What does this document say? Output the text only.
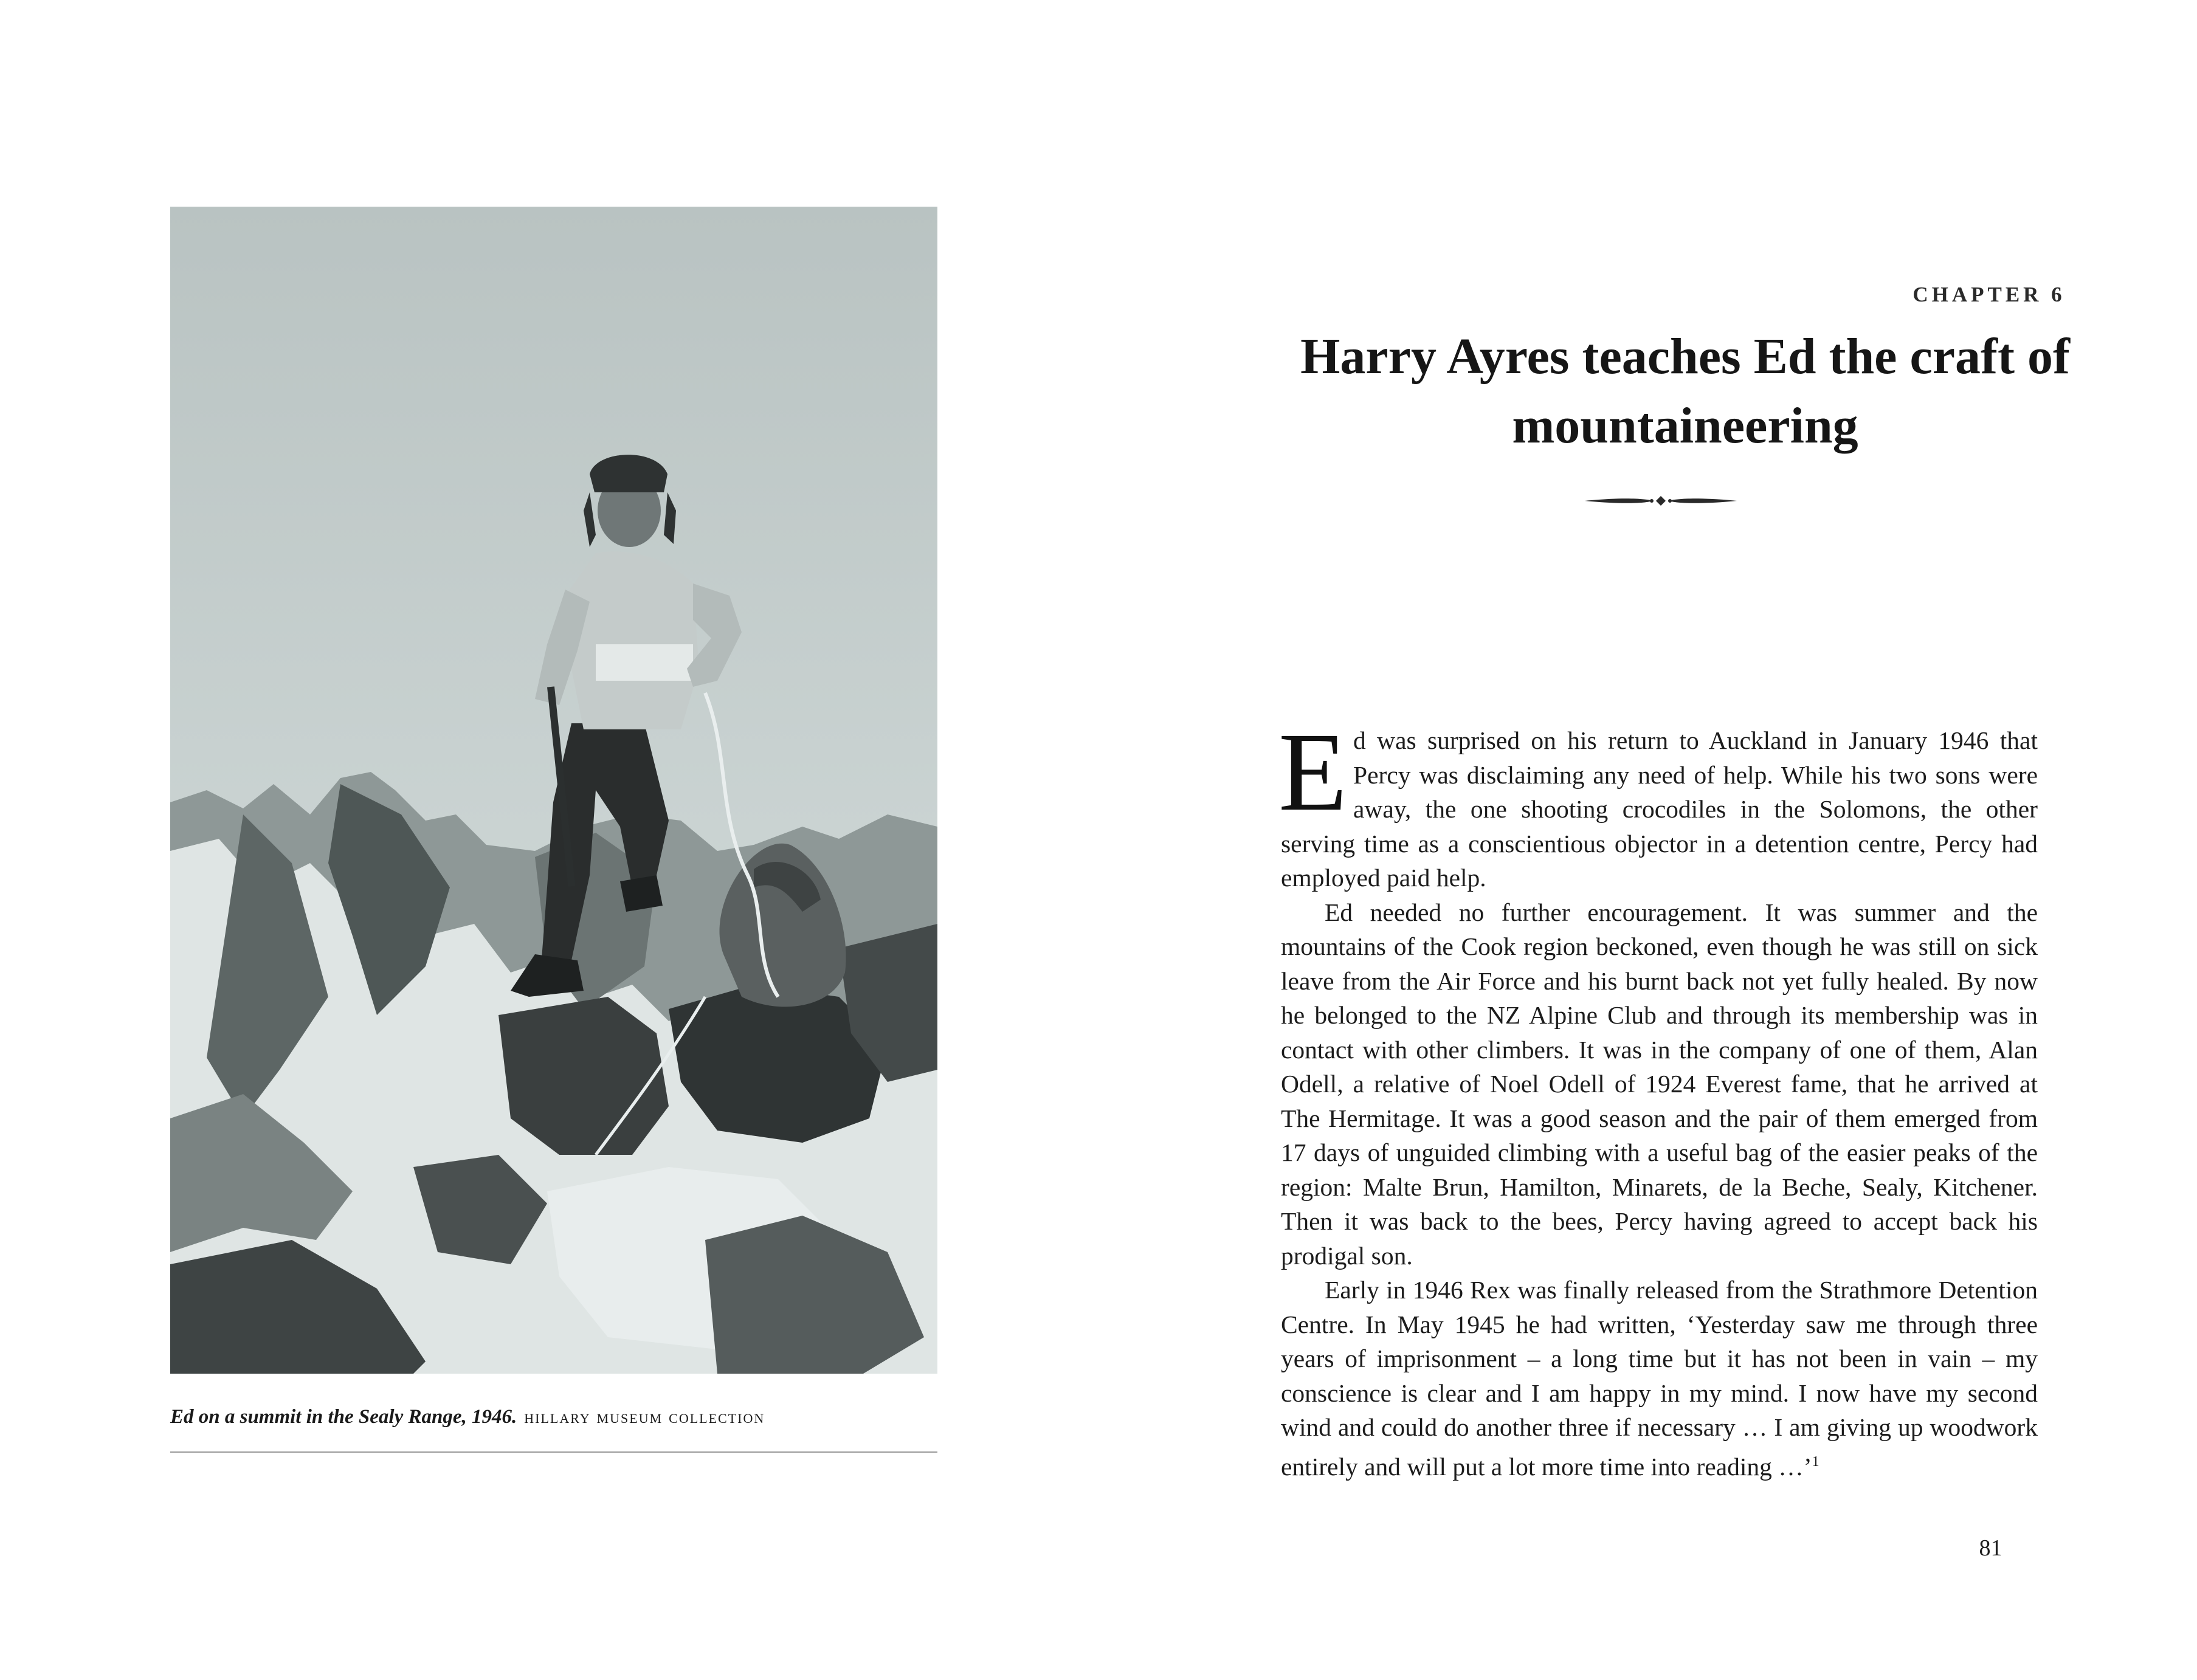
Ed on a summit in the Sealy Range, 1946. hillary museum collection
CHAPTER 6
Harry Ayres teaches Ed the craft of mountaineering

Ed was surprised on his return to Auckland in January 1946 that Percy was disclaiming any need of help. While his two sons were away, the one shooting crocodiles in the Solomons, the other serving time as a conscientious objector in a detention centre, Percy had employed paid help.

Ed needed no further encouragement. It was summer and the mountains of the Cook region beckoned, even though he was still on sick leave from the Air Force and his burnt back not yet fully healed. By now he belonged to the NZ Alpine Club and through its membership was in contact with other climbers. It was in the company of one of them, Alan Odell, a relative of Noel Odell of 1924 Everest fame, that he arrived at The Hermitage. It was a good season and the pair of them emerged from 17 days of unguided climbing with a useful bag of the easier peaks of the region: Malte Brun, Hamilton, Minarets, de la Beche, Sealy, Kitchener. Then it was back to the bees, Percy having agreed to accept back his prodigal son.

Early in 1946 Rex was finally released from the Strathmore Detention Centre. In May 1945 he had written, ‘Yesterday saw me through three years of imprisonment – a long time but it has not been in vain – my conscience is clear and I am happy in my mind. I now have my second wind and could do another three if necessary … I am giving up woodwork entirely and will put a lot more time into reading …’$^1$

81
